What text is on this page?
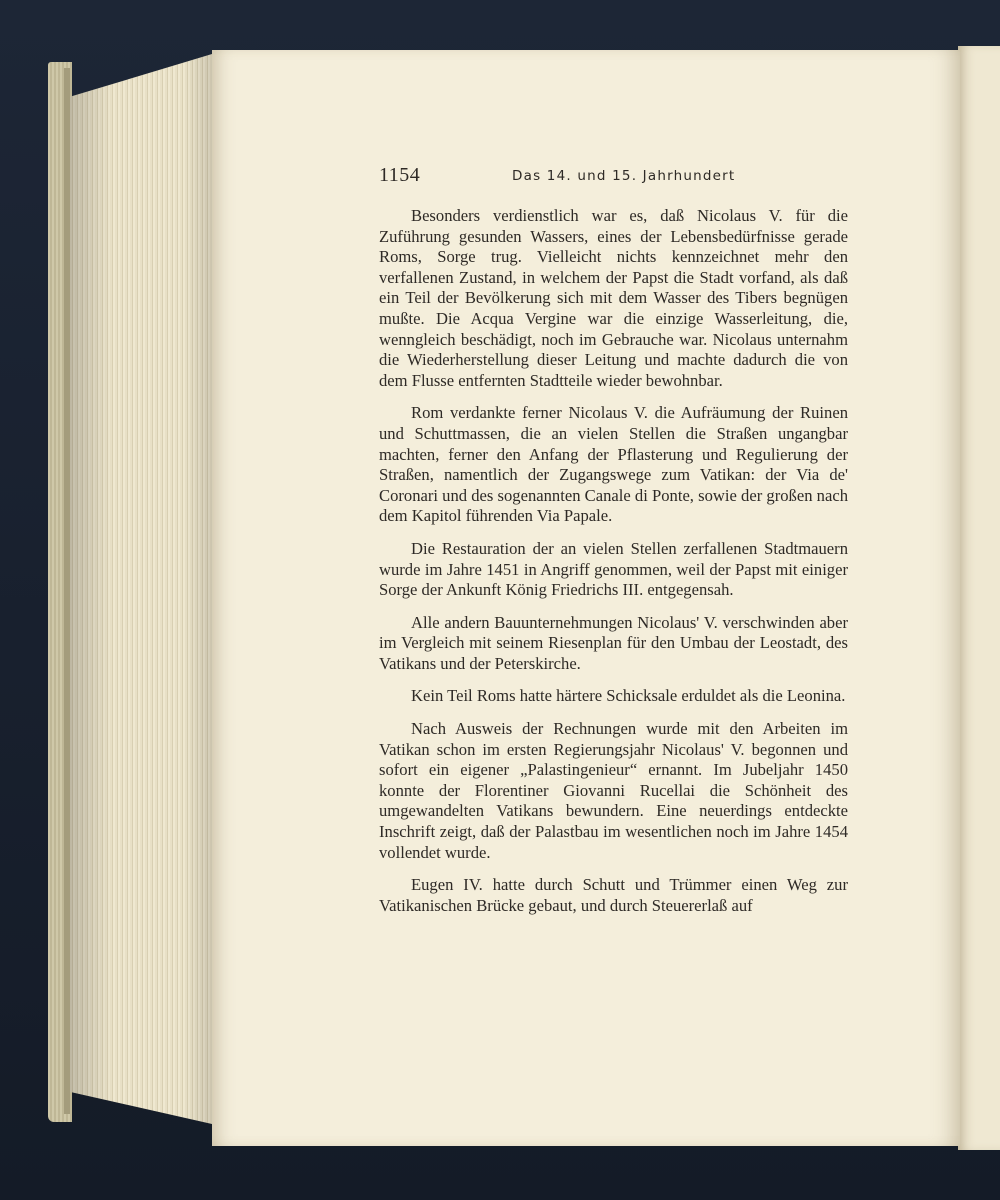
1154	Das 14. und 15. Jahrhundert

Besonders verdienstlich war es, daß Nicolaus V. für die Zuführung gesunden Wassers, eines der Lebensbedürfnisse gerade Roms, Sorge trug. Vielleicht nichts kennzeichnet mehr den verfallenen Zustand, in welchem der Papst die Stadt vorfand, als daß ein Teil der Bevölkerung sich mit dem Wasser des Tibers begnügen mußte. Die Acqua Vergine war die einzige Wasserleitung, die, wenngleich beschädigt, noch im Gebrauche war. Nicolaus unternahm die Wiederherstellung dieser Leitung und machte dadurch die von dem Flusse entfernten Stadtteile wieder bewohnbar.

Rom verdankte ferner Nicolaus V. die Aufräumung der Ruinen und Schuttmassen, die an vielen Stellen die Straßen ungangbar machten, ferner den Anfang der Pflasterung und Regulierung der Straßen, namentlich der Zugangswege zum Vatikan: der Via de' Coronari und des sogenannten Canale di Ponte, sowie der großen nach dem Kapitol führenden Via Papale.

Die Restauration der an vielen Stellen zerfallenen Stadtmauern wurde im Jahre 1451 in Angriff genommen, weil der Papst mit einiger Sorge der Ankunft König Friedrichs III. entgegensah.

Alle andern Bauunternehmungen Nicolaus' V. verschwinden aber im Vergleich mit seinem Riesenplan für den Umbau der Leostadt, des Vatikans und der Peterskirche.

Kein Teil Roms hatte härtere Schicksale erduldet als die Leonina.

Nach Ausweis der Rechnungen wurde mit den Arbeiten im Vatikan schon im ersten Regierungsjahr Nicolaus' V. begonnen und sofort ein eigener „Palastingenieur“ ernannt. Im Jubeljahr 1450 konnte der Florentiner Giovanni Rucellai die Schönheit des umgewandelten Vatikans bewundern. Eine neuerdings entdeckte Inschrift zeigt, daß der Palastbau im wesentlichen noch im Jahre 1454 vollendet wurde.

Eugen IV. hatte durch Schutt und Trümmer einen Weg zur Vatikanischen Brücke gebaut, und durch Steuererlaß auf
